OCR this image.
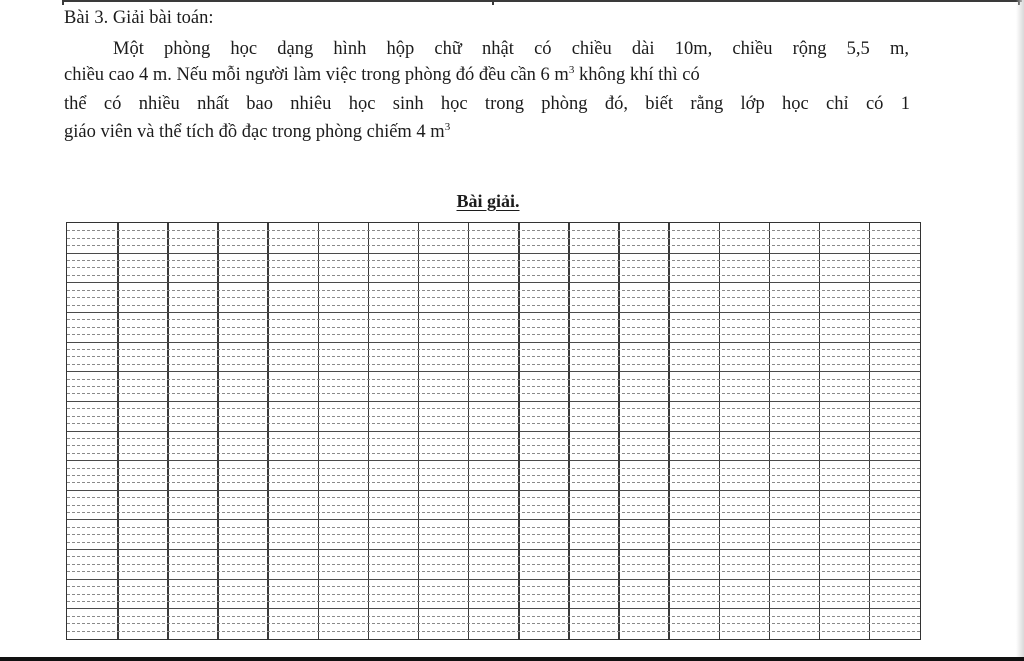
Bài 3. Giải bài toán:
Một phòng học dạng hình hộp chữ nhật có chiều dài 10m, chiều rộng 5,5 m,
chiều cao 4 m. Nếu mỗi người làm việc trong phòng đó đều cần 6 $m^3$ không khí thì có
thể có nhiều nhất bao nhiêu học sinh học trong phòng đó, biết rằng lớp học chỉ có 1
giáo viên và thể tích đồ đạc trong phòng chiếm 4 $m^3$
Bài giải.
